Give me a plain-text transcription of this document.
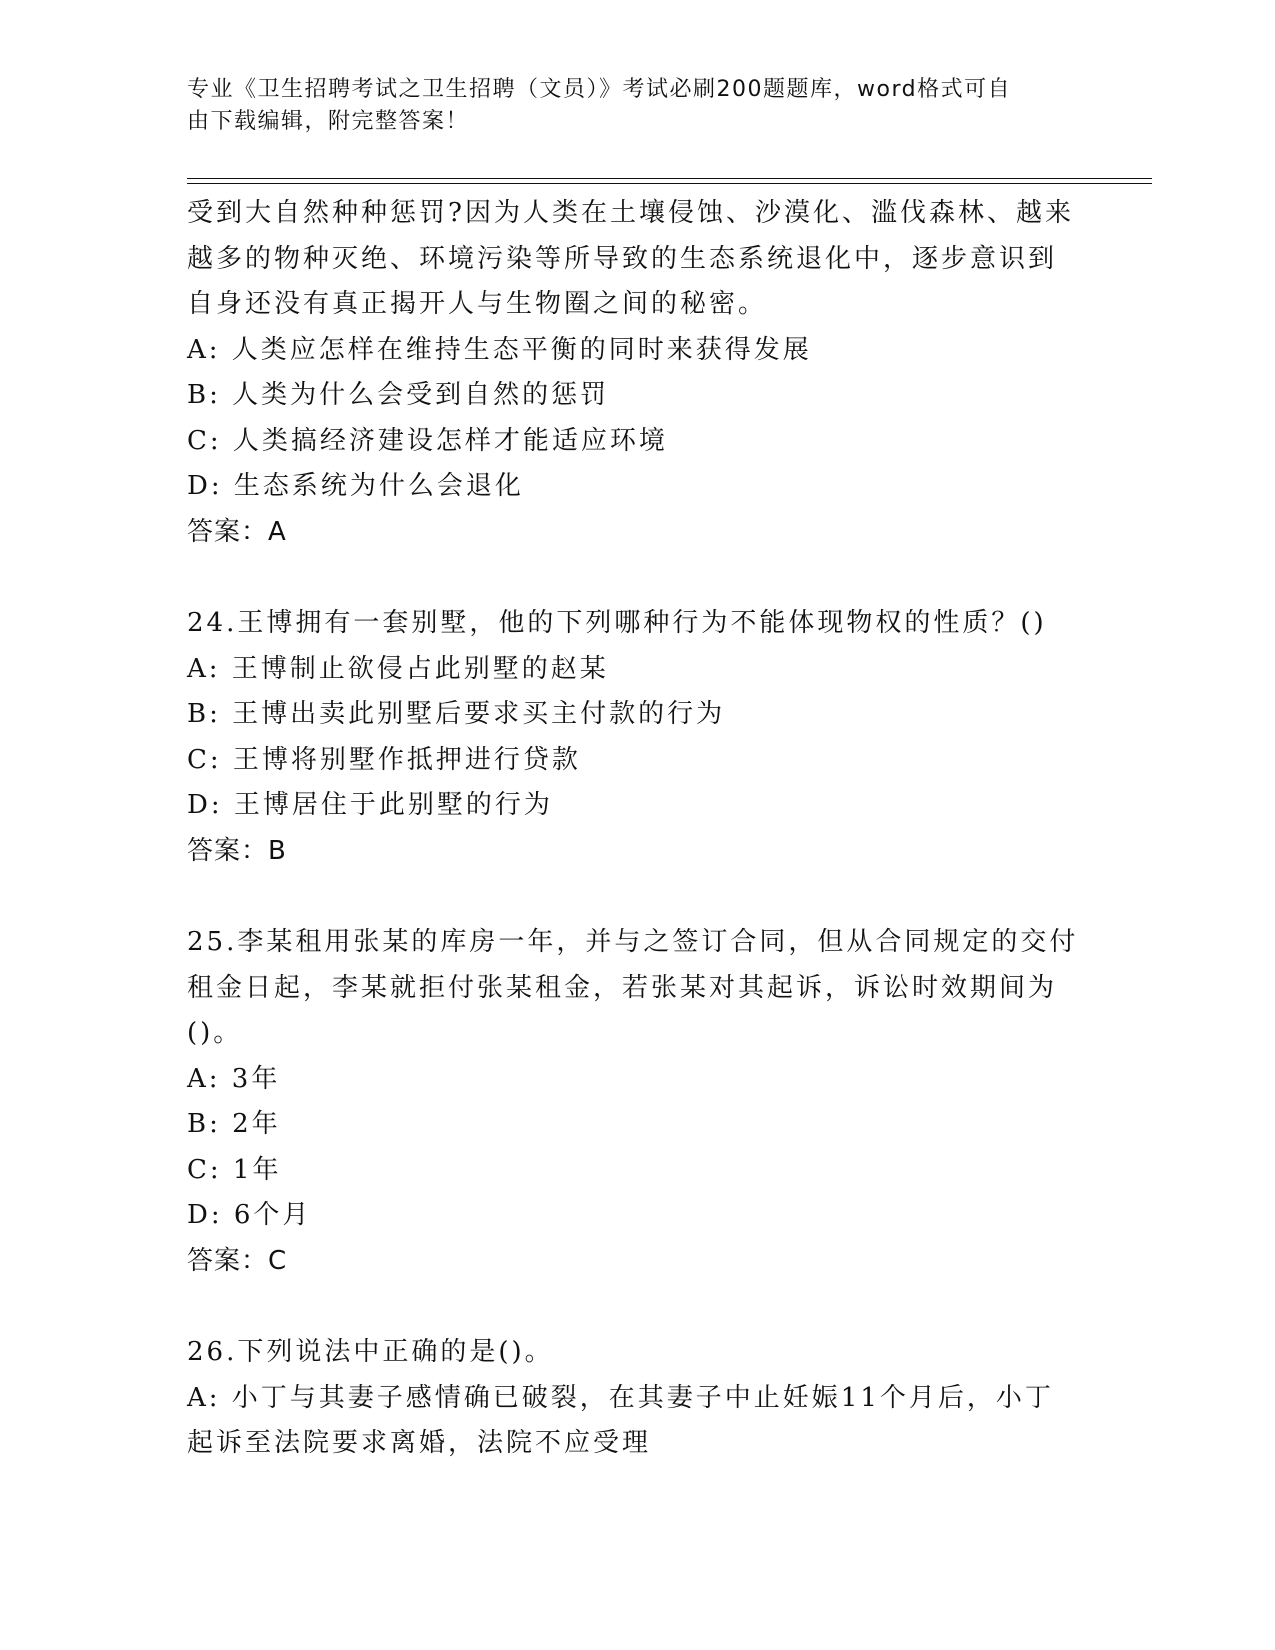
专业《卫生招聘考试之卫生招聘（文员）》考试必刷200题题库，word格式可自
由下载编辑，附完整答案！
受到大自然种种惩罚?因为人类在土壤侵蚀、沙漠化、滥伐森林、越来
越多的物种灭绝、环境污染等所导致的生态系统退化中，逐步意识到
自身还没有真正揭开人与生物圈之间的秘密。
A: 人类应怎样在维持生态平衡的同时来获得发展
B: 人类为什么会受到自然的惩罚
C: 人类搞经济建设怎样才能适应环境
D: 生态系统为什么会退化
答案：A
24.王博拥有一套别墅，他的下列哪种行为不能体现物权的性质？()
A: 王博制止欲侵占此别墅的赵某
B: 王博出卖此别墅后要求买主付款的行为
C: 王博将别墅作抵押进行贷款
D: 王博居住于此别墅的行为
答案：B
25.李某租用张某的库房一年，并与之签订合同，但从合同规定的交付
租金日起，李某就拒付张某租金，若张某对其起诉，诉讼时效期间为
()。
A: 3年
B: 2年
C: 1年
D: 6个月
答案：C
26.下列说法中正确的是()。
A: 小丁与其妻子感情确已破裂，在其妻子中止妊娠11个月后，小丁
起诉至法院要求离婚，法院不应受理
